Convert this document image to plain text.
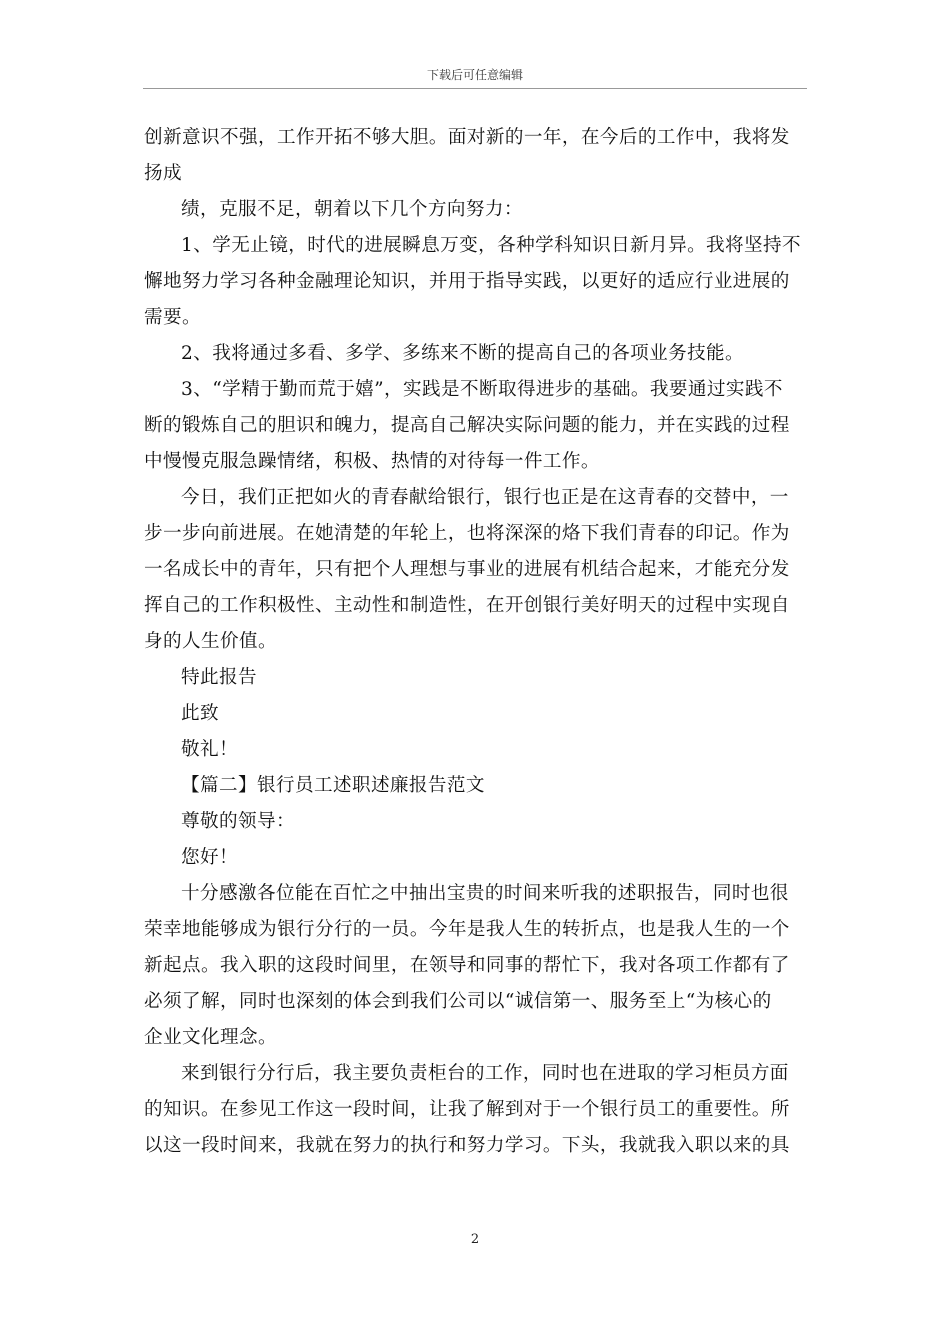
下载后可任意编辑
创新意识不强，工作开拓不够大胆。面对新的一年，在今后的工作中，我将发
扬成
绩，克服不足，朝着以下几个方向努力：
1、学无止镜，时代的进展瞬息万变，各种学科知识日新月异。我将坚持不
懈地努力学习各种金融理论知识，并用于指导实践，以更好的适应行业进展的
需要。
2、我将通过多看、多学、多练来不断的提高自己的各项业务技能。
3、“学精于勤而荒于嬉”，实践是不断取得进步的基础。我要通过实践不
断的锻炼自己的胆识和魄力，提高自己解决实际问题的能力，并在实践的过程
中慢慢克服急躁情绪，积极、热情的对待每一件工作。
今日，我们正把如火的青春献给银行，银行也正是在这青春的交替中，一
步一步向前进展。在她清楚的年轮上，也将深深的烙下我们青春的印记。作为
一名成长中的青年，只有把个人理想与事业的进展有机结合起来，才能充分发
挥自己的工作积极性、主动性和制造性，在开创银行美好明天的过程中实现自
身的人生价值。
特此报告
此致
敬礼！
【篇二】银行员工述职述廉报告范文
尊敬的领导：
您好！
十分感激各位能在百忙之中抽出宝贵的时间来听我的述职报告，同时也很
荣幸地能够成为银行分行的一员。今年是我人生的转折点，也是我人生的一个
新起点。我入职的这段时间里，在领导和同事的帮忙下，我对各项工作都有了
必须了解，同时也深刻的体会到我们公司以“诚信第一、服务至上“为核心的
企业文化理念。
来到银行分行后，我主要负责柜台的工作，同时也在进取的学习柜员方面
的知识。在参见工作这一段时间，让我了解到对于一个银行员工的重要性。所
以这一段时间来，我就在努力的执行和努力学习。下头，我就我入职以来的具
2
